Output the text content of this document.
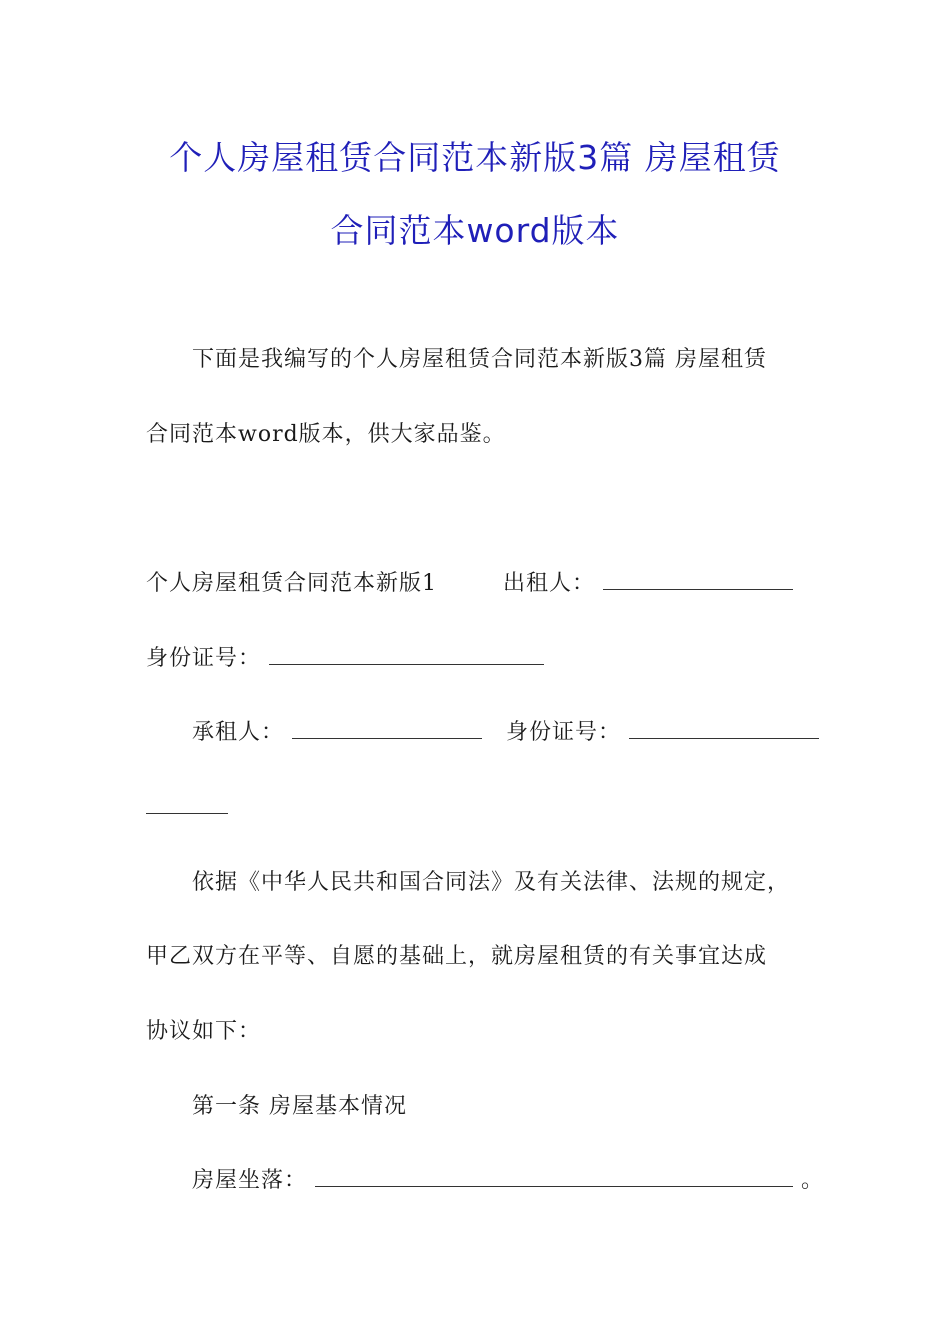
个人房屋租赁合同范本新版3篇 房屋租赁
合同范本word版本
下面是我编写的个人房屋租赁合同范本新版3篇 房屋租赁
合同范本word版本，供大家品鉴。
个人房屋租赁合同范本新版1	出租人：
身份证号：
承租人：	身份证号：
依据《中华人民共和国合同法》及有关法律、法规的规定，
甲乙双方在平等、自愿的基础上，就房屋租赁的有关事宜达成
协议如下：
第一条 房屋基本情况
房屋坐落：	。
